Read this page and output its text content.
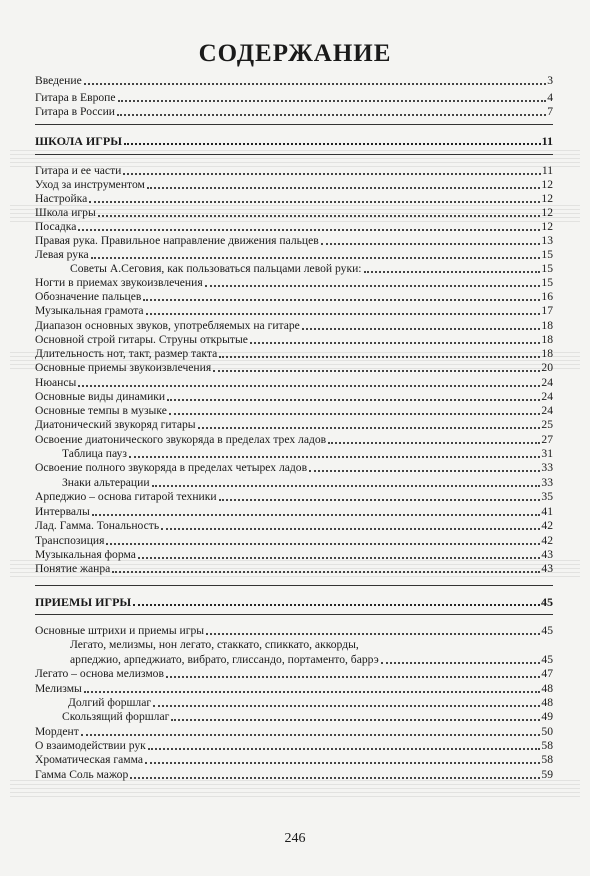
СОДЕРЖАНИЕ
Введение	3
Гитара в Европе	4
Гитара в России	7
ШКОЛА ИГРЫ	11
Гитара и ее части	11
Уход за инструментом	12
Настройка	12
Школа игры	12
Посадка	12
Правая рука. Правильное направление движения пальцев	13
Левая рука	15
Советы А.Сеговия, как пользоваться пальцами левой руки:	15
Ногти в приемах звукоизвлечения	15
Обозначение пальцев	16
Музыкальная грамота	17
Диапазон основных звуков, употребляемых на гитаре	18
Основной строй гитары. Струны открытые	18
Длительность нот, такт, размер такта	18
Основные приемы звукоизвлечения	20
Нюансы	24
Основные виды динамики	24
Основные темпы в музыке	24
Диатонический звукоряд гитары	25
Освоение диатонического звукоряда в пределах трех ладов	27
Таблица пауз	31
Освоение полного звукоряда в пределах четырех ладов	33
Знаки альтерации	33
Арпеджио – основа гитарой техники	35
Интервалы	41
Лад. Гамма. Тональность	42
Транспозиция	42
Музыкальная форма	43
Понятие жанра	43
ПРИЕМЫ ИГРЫ	45
Основные штрихи и приемы игры	45
Легато, мелизмы, нон легато, стаккато, спиккато, аккорды,
арпеджио, арпеджиато, вибрато, глиссандо, портаменто, баррэ	45
Легато – основа мелизмов	47
Мелизмы	48
Долгий форшлаг	48
Скользящий форшлаг	49
Мордент	50
О взаимодействии рук	58
Хроматическая гамма	58
Гамма Соль мажор	59
246
